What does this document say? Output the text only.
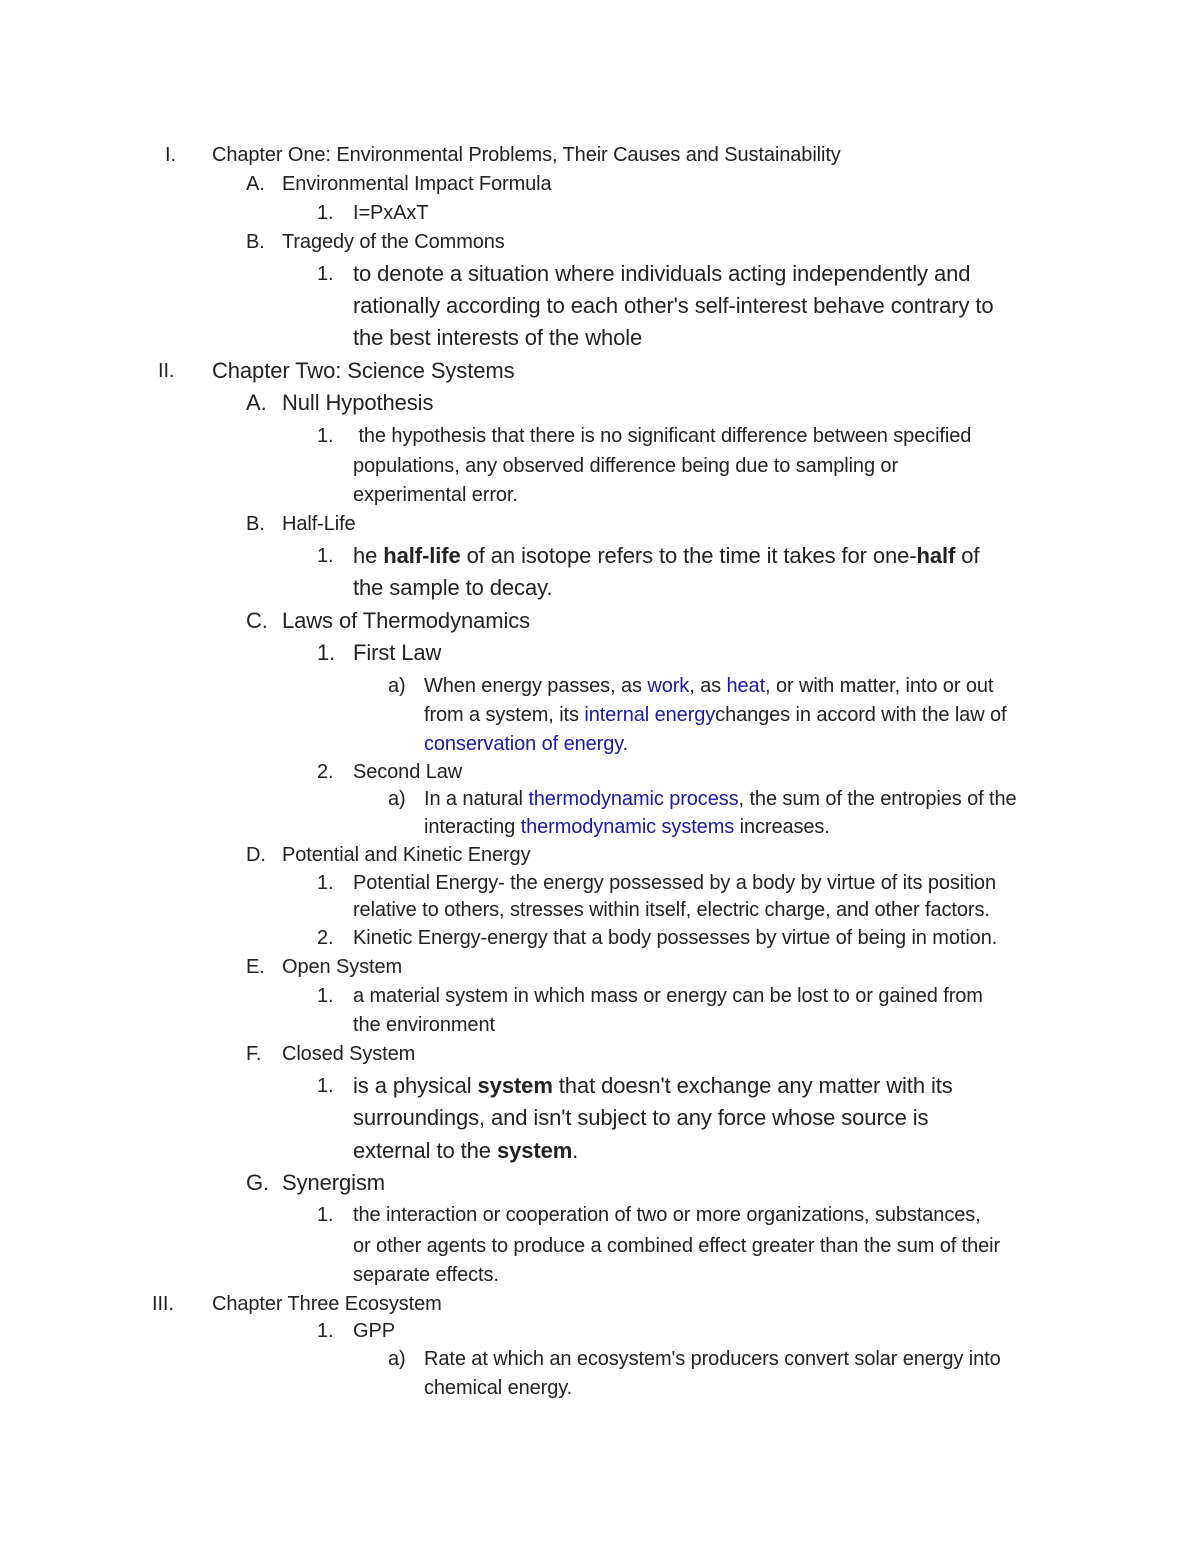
I. Chapter One: Environmental Problems, Their Causes and Sustainability
A. Environmental Impact Formula
1. I=PxAxT
B. Tragedy of the Commons
1. to denote a situation where individuals acting independently and
rationally according to each other's self-interest behave contrary to
the best interests of the whole
II. Chapter Two: Science Systems
A. Null Hypothesis
1. the hypothesis that there is no significant difference between specified
populations, any observed difference being due to sampling or
experimental error.
B. Half-Life
1. he half-life of an isotope refers to the time it takes for one-half of
the sample to decay.
C. Laws of Thermodynamics
1. First Law
a) When energy passes, as work, as heat, or with matter, into or out
from a system, its internal energychanges in accord with the law of
conservation of energy.
2. Second Law
a) In a natural thermodynamic process, the sum of the entropies of the
interacting thermodynamic systems increases.
D. Potential and Kinetic Energy
1. Potential Energy- the energy possessed by a body by virtue of its position
relative to others, stresses within itself, electric charge, and other factors.
2. Kinetic Energy-energy that a body possesses by virtue of being in motion.
E. Open System
1. a material system in which mass or energy can be lost to or gained from
the environment
F. Closed System
1. is a physical system that doesn't exchange any matter with its
surroundings, and isn't subject to any force whose source is
external to the system.
G. Synergism
1. the interaction or cooperation of two or more organizations, substances,
or other agents to produce a combined effect greater than the sum of their
separate effects.
III. Chapter Three Ecosystem
1. GPP
a) Rate at which an ecosystem's producers convert solar energy into
chemical energy.
